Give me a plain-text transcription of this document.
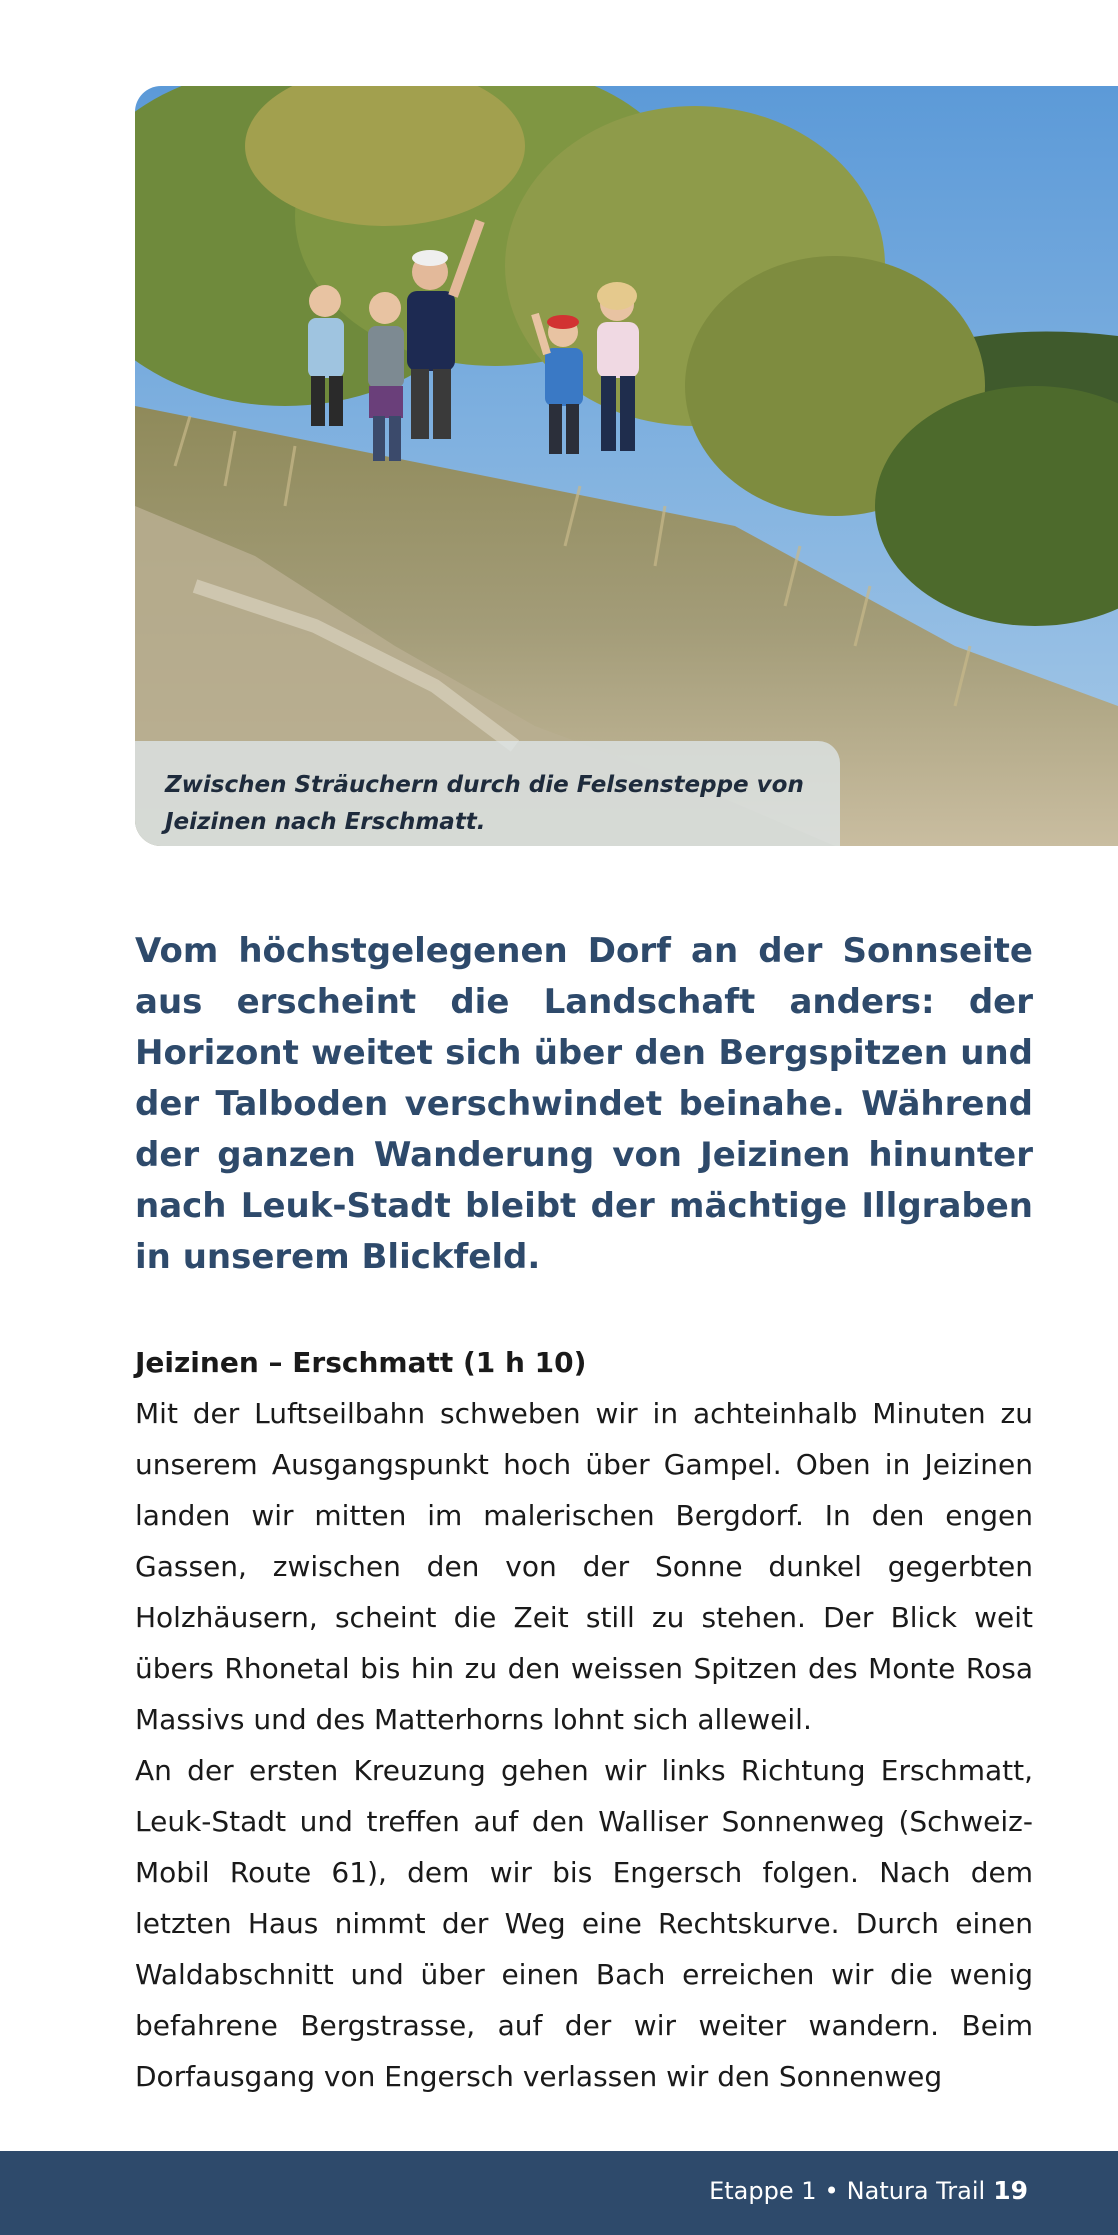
Zwischen Sträuchern durch die Felsensteppe von Jeizinen nach Erschmatt.

Vom höchstgelegenen Dorf an der Sonnseite aus erscheint die Landschaft anders: der Horizont weitet sich über den Bergspitzen und der Talboden verschwindet beinahe. Während der ganzen Wanderung von Jeizinen hinunter nach Leuk-Stadt bleibt der mächtige Illgraben in unserem Blickfeld.

Jeizinen – Erschmatt (1 h 10)

Mit der Luftseilbahn schweben wir in achteinhalb Minuten zu unserem Ausgangspunkt hoch über Gampel. Oben in Jeizinen landen wir mitten im malerischen Bergdorf. In den engen Gassen, zwischen den von der Sonne dunkel gegerbten Holzhäusern, scheint die Zeit still zu stehen. Der Blick weit übers Rhonetal bis hin zu den weissen Spitzen des Monte Rosa Massivs und des Matterhorns lohnt sich alleweil.

An der ersten Kreuzung gehen wir links Richtung Erschmatt, Leuk-Stadt und treffen auf den Walliser Sonnenweg (Schweiz-Mobil Route 61), dem wir bis Engersch folgen. Nach dem letzten Haus nimmt der Weg eine Rechtskurve. Durch einen Waldabschnitt und über einen Bach erreichen wir die wenig befahrene Bergstrasse, auf der wir weiter wandern. Beim Dorfausgang von Engersch verlassen wir den Sonnenweg

Etappe 1 • Natura Trail 19
